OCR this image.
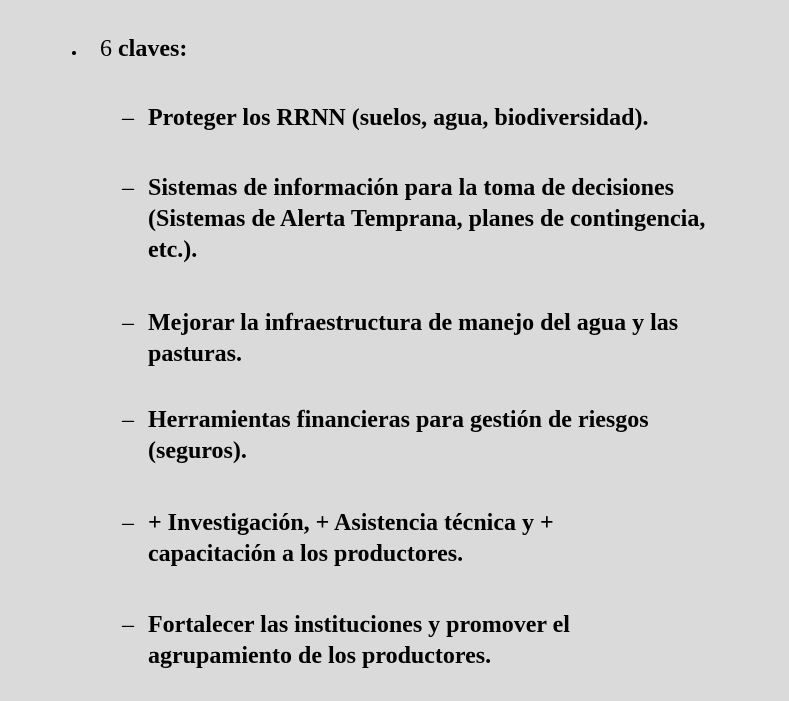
6 claves:
– Proteger los RRNN (suelos, agua, biodiversidad).
– Sistemas de información para la toma de decisiones (Sistemas de Alerta Temprana, planes de contingencia, etc.).
– Mejorar la infraestructura de manejo del agua y las pasturas.
– Herramientas financieras para gestión de riesgos (seguros).
– + Investigación, + Asistencia técnica y + capacitación a los productores.
– Fortalecer las instituciones y promover el agrupamiento de los productores.
